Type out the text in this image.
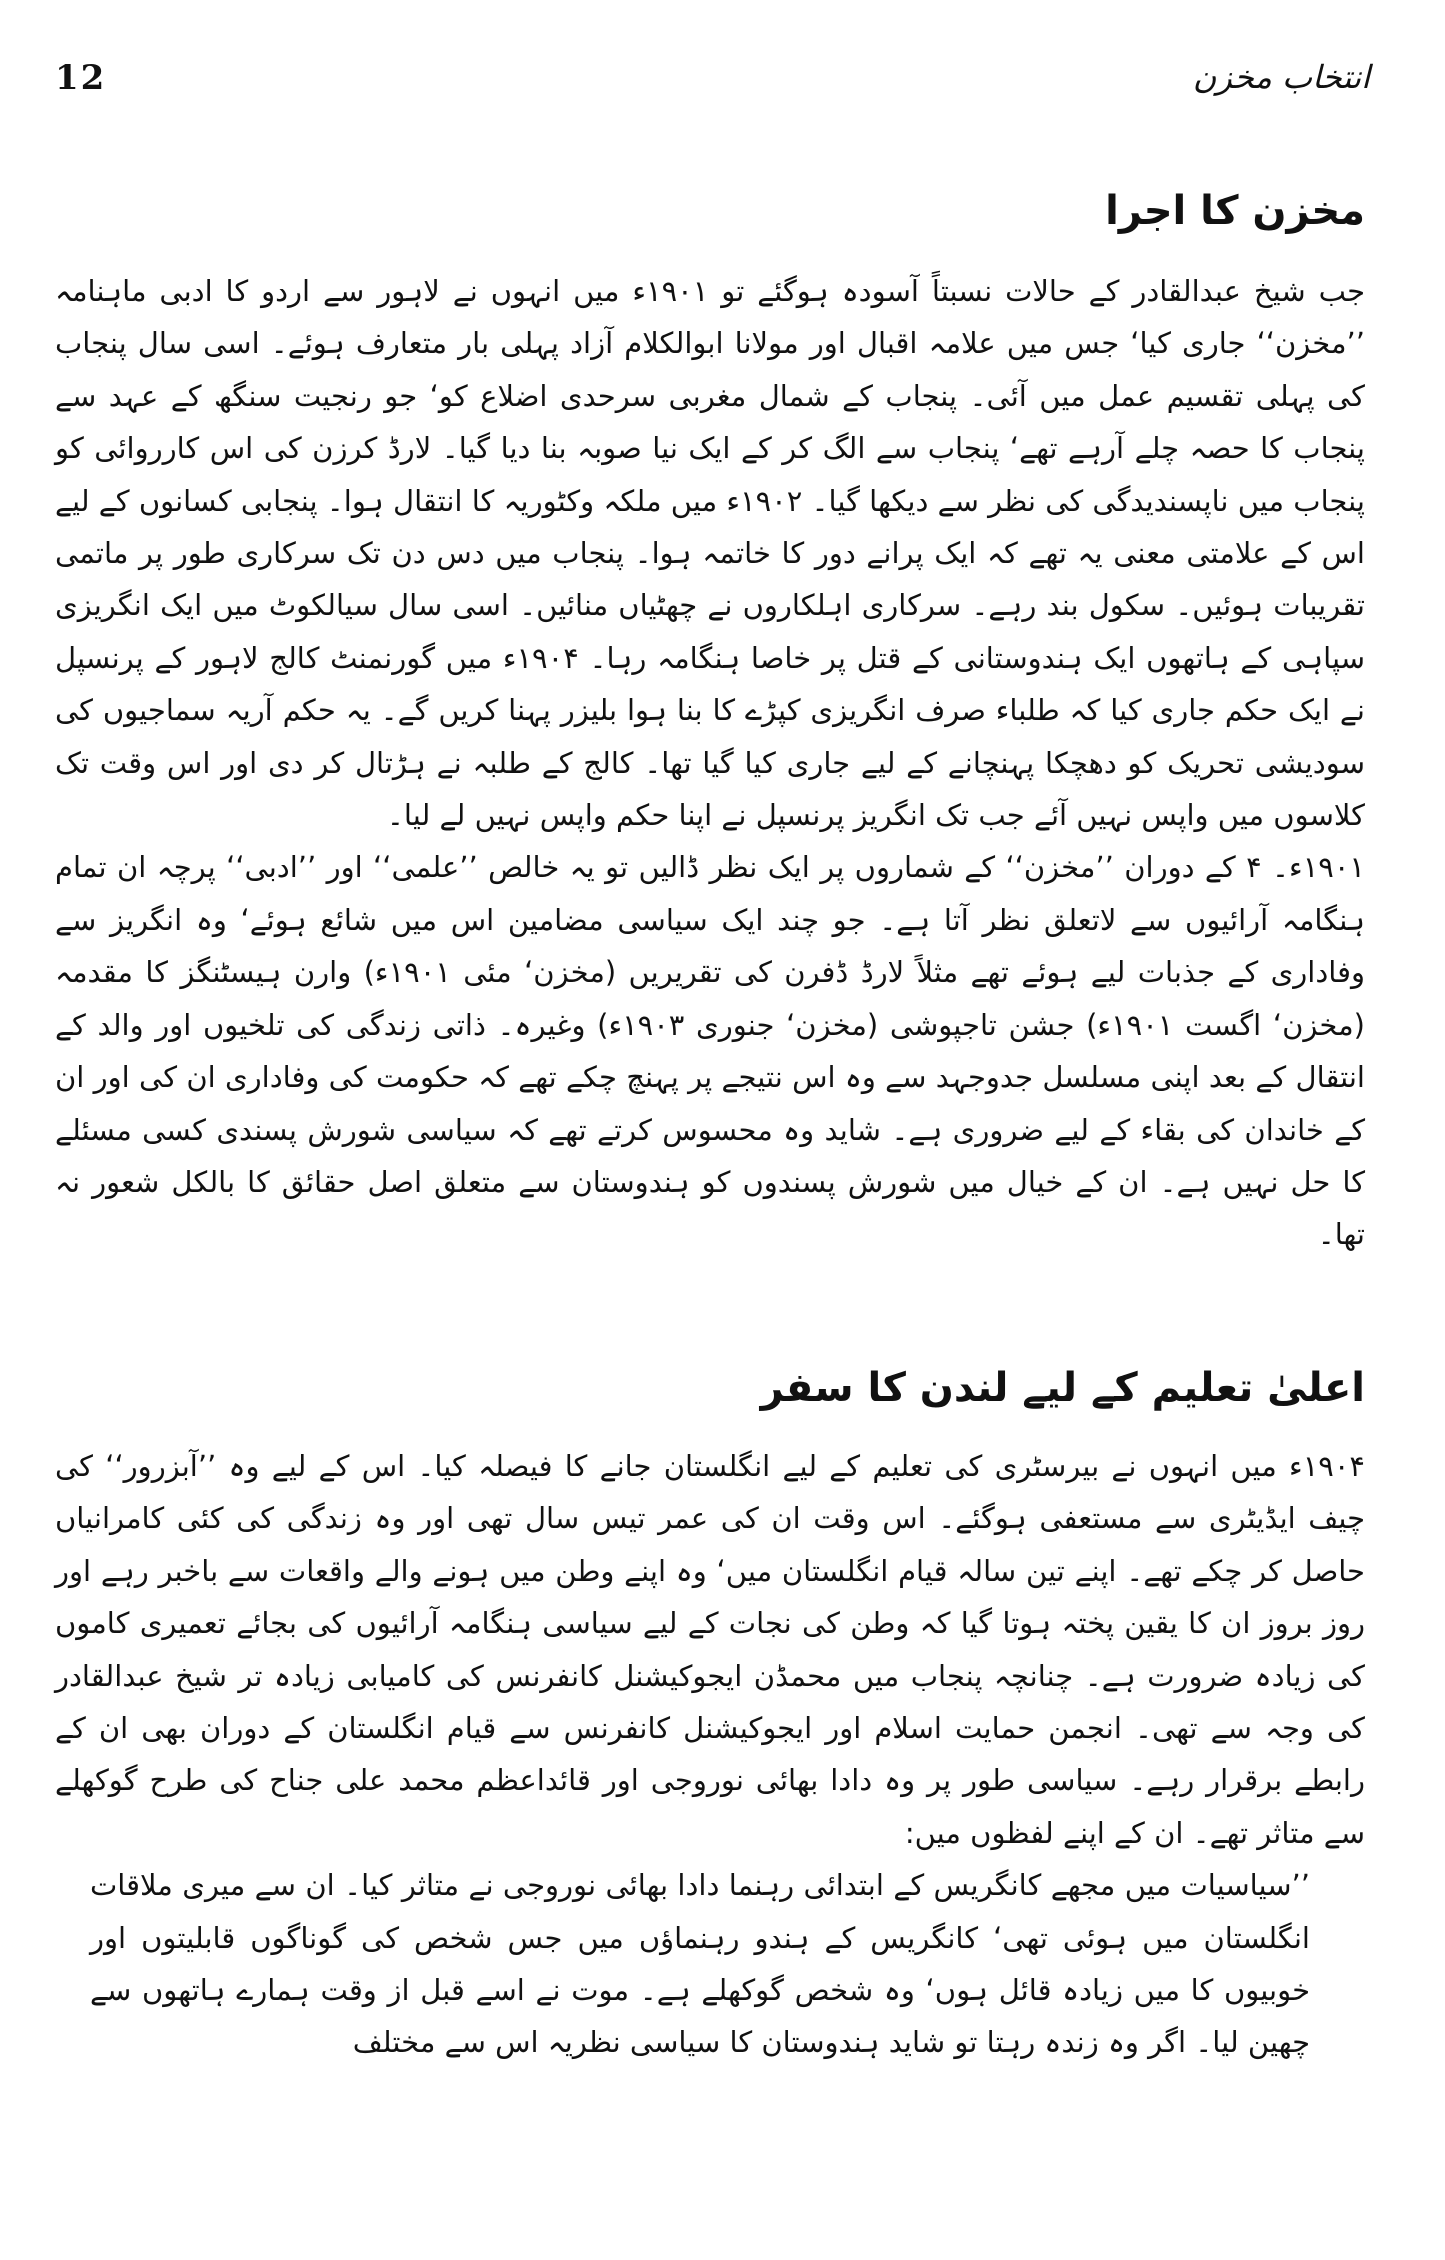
12	انتخاب مخزن
مخزن کا اجرا

جب شیخ عبدالقادر کے حالات نسبتاً آسودہ ہوگئے تو ۱۹۰۱ء میں انہوں نے لاہور سے اردو کا ادبی ماہنامہ ’’مخزن‘‘ جاری کیا‘ جس میں علامہ اقبال اور مولانا ابوالکلام آزاد پہلی بار متعارف ہوئے۔ اسی سال پنجاب کی پہلی تقسیم عمل میں آئی۔ پنجاب کے شمال مغربی سرحدی اضلاع کو‘ جو رنجیت سنگھ کے عہد سے پنجاب کا حصہ چلے آرہے تھے‘ پنجاب سے الگ کر کے ایک نیا صوبہ بنا دیا گیا۔ لارڈ کرزن کی اس کارروائی کو پنجاب میں ناپسندیدگی کی نظر سے دیکھا گیا۔ ۱۹۰۲ء میں ملکہ وکٹوریہ کا انتقال ہوا۔ پنجابی کسانوں کے لیے اس کے علامتی معنی یہ تھے کہ ایک پرانے دور کا خاتمہ ہوا۔ پنجاب میں دس دن تک سرکاری طور پر ماتمی تقریبات ہوئیں۔ سکول بند رہے۔ سرکاری اہلکاروں نے چھٹیاں منائیں۔ اسی سال سیالکوٹ میں ایک انگریزی سپاہی کے ہاتھوں ایک ہندوستانی کے قتل پر خاصا ہنگامہ رہا۔ ۱۹۰۴ء میں گورنمنٹ کالج لاہور کے پرنسپل نے ایک حکم جاری کیا کہ طلباء صرف انگریزی کپڑے کا بنا ہوا بلیزر پہنا کریں گے۔ یہ حکم آریہ سماجیوں کی سودیشی تحریک کو دھچکا پہنچانے کے لیے جاری کیا گیا تھا۔ کالج کے طلبہ نے ہڑتال کر دی اور اس وقت تک کلاسوں میں واپس نہیں آئے جب تک انگریز پرنسپل نے اپنا حکم واپس نہیں لے لیا۔

۱۹۰۱ء۔ ۴ کے دوران ’’مخزن‘‘ کے شماروں پر ایک نظر ڈالیں تو یہ خالص ’’علمی‘‘ اور ’’ادبی‘‘ پرچہ ان تمام ہنگامہ آرائیوں سے لاتعلق نظر آتا ہے۔ جو چند ایک سیاسی مضامین اس میں شائع ہوئے‘ وہ انگریز سے وفاداری کے جذبات لیے ہوئے تھے مثلاً لارڈ ڈفرن کی تقریریں (مخزن‘ مئی ۱۹۰۱ء) وارن ہیسٹنگز کا مقدمہ (مخزن‘ اگست ۱۹۰۱ء) جشن تاجپوشی (مخزن‘ جنوری ۱۹۰۳ء) وغیرہ۔ ذاتی زندگی کی تلخیوں اور والد کے انتقال کے بعد اپنی مسلسل جدوجہد سے وہ اس نتیجے پر پہنچ چکے تھے کہ حکومت کی وفاداری ان کی اور ان کے خاندان کی بقاء کے لیے ضروری ہے۔ شاید وہ محسوس کرتے تھے کہ سیاسی شورش پسندی کسی مسئلے کا حل نہیں ہے۔ ان کے خیال میں شورش پسندوں کو ہندوستان سے متعلق اصل حقائق کا بالکل شعور نہ تھا۔

اعلیٰ تعلیم کے لیے لندن کا سفر

۱۹۰۴ء میں انہوں نے بیرسٹری کی تعلیم کے لیے انگلستان جانے کا فیصلہ کیا۔ اس کے لیے وہ ’’آبزرور‘‘ کی چیف ایڈیٹری سے مستعفی ہوگئے۔ اس وقت ان کی عمر تیس سال تھی اور وہ زندگی کی کئی کامرانیاں حاصل کر چکے تھے۔ اپنے تین سالہ قیام انگلستان میں‘ وہ اپنے وطن میں ہونے والے واقعات سے باخبر رہے اور روز بروز ان کا یقین پختہ ہوتا گیا کہ وطن کی نجات کے لیے سیاسی ہنگامہ آرائیوں کی بجائے تعمیری کاموں کی زیادہ ضرورت ہے۔ چنانچہ پنجاب میں محمڈن ایجوکیشنل کانفرنس کی کامیابی زیادہ تر شیخ عبدالقادر کی وجہ سے تھی۔ انجمن حمایت اسلام اور ایجوکیشنل کانفرنس سے قیام انگلستان کے دوران بھی ان کے رابطے برقرار رہے۔ سیاسی طور پر وہ دادا بھائی نوروجی اور قائداعظم محمد علی جناح کی طرح گوکھلے سے متاثر تھے۔ ان کے اپنے لفظوں میں:

’’سیاسیات میں مجھے کانگریس کے ابتدائی رہنما دادا بھائی نوروجی نے متاثر کیا۔ ان سے میری ملاقات انگلستان میں ہوئی تھی‘ کانگریس کے ہندو رہنماؤں میں جس شخص کی گوناگوں قابلیتوں اور خوبیوں کا میں زیادہ قائل ہوں‘ وہ شخص گوکھلے ہے۔ موت نے اسے قبل از وقت ہمارے ہاتھوں سے چھین لیا۔ اگر وہ زندہ رہتا تو شاید ہندوستان کا سیاسی نظریہ اس سے مختلف
